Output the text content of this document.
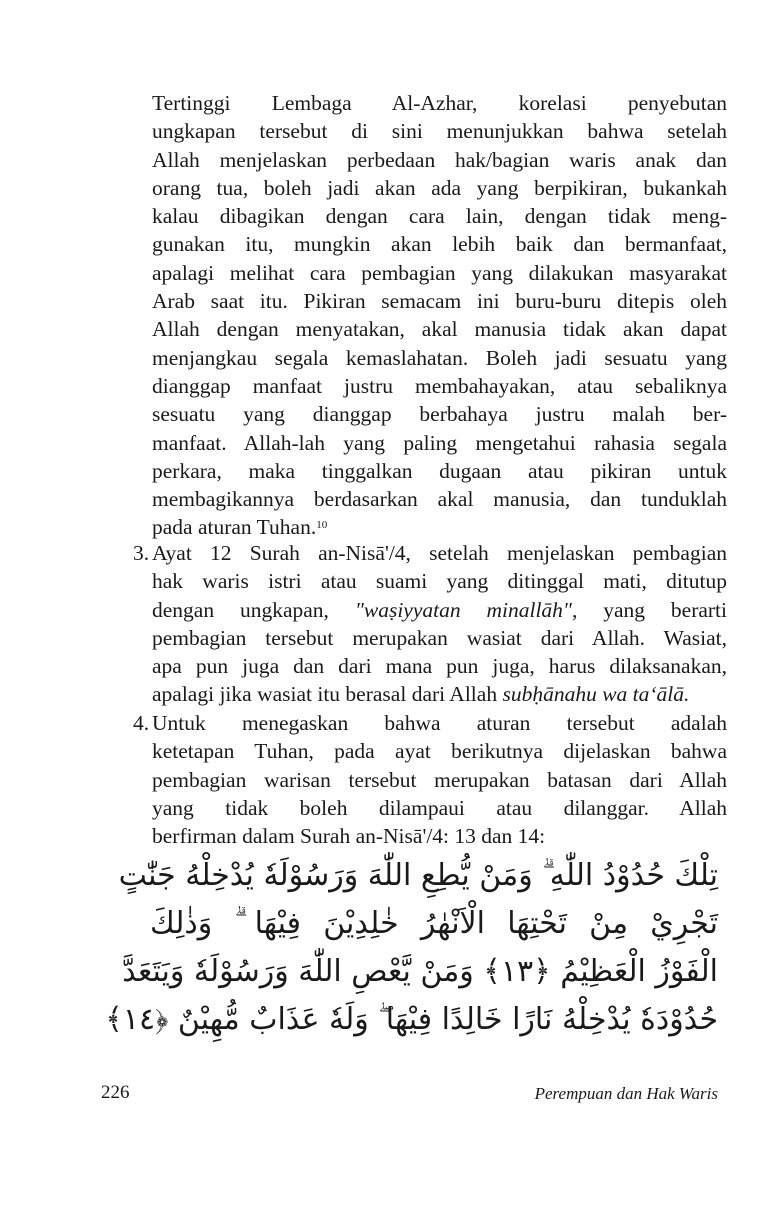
Tertinggi Lembaga Al-Azhar, korelasi penyebutan
ungkapan tersebut di sini menunjukkan bahwa setelah
Allah menjelaskan perbedaan hak/bagian waris anak dan
orang tua, boleh jadi akan ada yang berpikiran, bukankah
kalau dibagikan dengan cara lain, dengan tidak meng-
gunakan itu, mungkin akan lebih baik dan bermanfaat,
apalagi melihat cara pembagian yang dilakukan masyarakat
Arab saat itu. Pikiran semacam ini buru-buru ditepis oleh
Allah dengan menyatakan, akal manusia tidak akan dapat
menjangkau segala kemaslahatan. Boleh jadi sesuatu yang
dianggap manfaat justru membahayakan, atau sebaliknya
sesuatu yang dianggap berbahaya justru malah ber-
manfaat. Allah-lah yang paling mengetahui rahasia segala
perkara, maka tinggalkan dugaan atau pikiran untuk
membagikannya berdasarkan akal manusia, dan tunduklah
pada aturan Tuhan.$^{10}$
3. Ayat 12 Surah an-Nisā'/4, setelah menjelaskan pembagian
hak waris istri atau suami yang ditinggal mati, ditutup
dengan ungkapan, "waṣiyyatan minallāh", yang berarti
pembagian tersebut merupakan wasiat dari Allah. Wasiat,
apa pun juga dan dari mana pun juga, harus dilaksanakan,
apalagi jika wasiat itu berasal dari Allah subḥānahu wa ta‘ālā.
4. Untuk menegaskan bahwa aturan tersebut adalah
ketetapan Tuhan, pada ayat berikutnya dijelaskan bahwa
pembagian warisan tersebut merupakan batasan dari Allah
yang tidak boleh dilampaui atau dilanggar. Allah
berfirman dalam Surah an-Nisā'/4: 13 dan 14:
تِلْكَ حُدُوْدُ اللّٰهِ ۗ وَمَنْ يُّطِعِ اللّٰهَ وَرَسُوْلَهٗ يُدْخِلْهُ جَنّٰتٍ
تَجْرِيْ مِنْ تَحْتِهَا الْاَنْهٰرُ خٰلِدِيْنَ فِيْهَا ۗ وَذٰلِكَ
الْفَوْزُ الْعَظِيْمُ ﴿١٣﴾ وَمَنْ يَّعْصِ اللّٰهَ وَرَسُوْلَهٗ وَيَتَعَدَّ
حُدُوْدَهٗ يُدْخِلْهُ نَارًا خَالِدًا فِيْهَا ۖ وَلَهٗ عَذَابٌ مُّهِيْنٌ ﴿١٤﴾
226	Perempuan dan Hak Waris
